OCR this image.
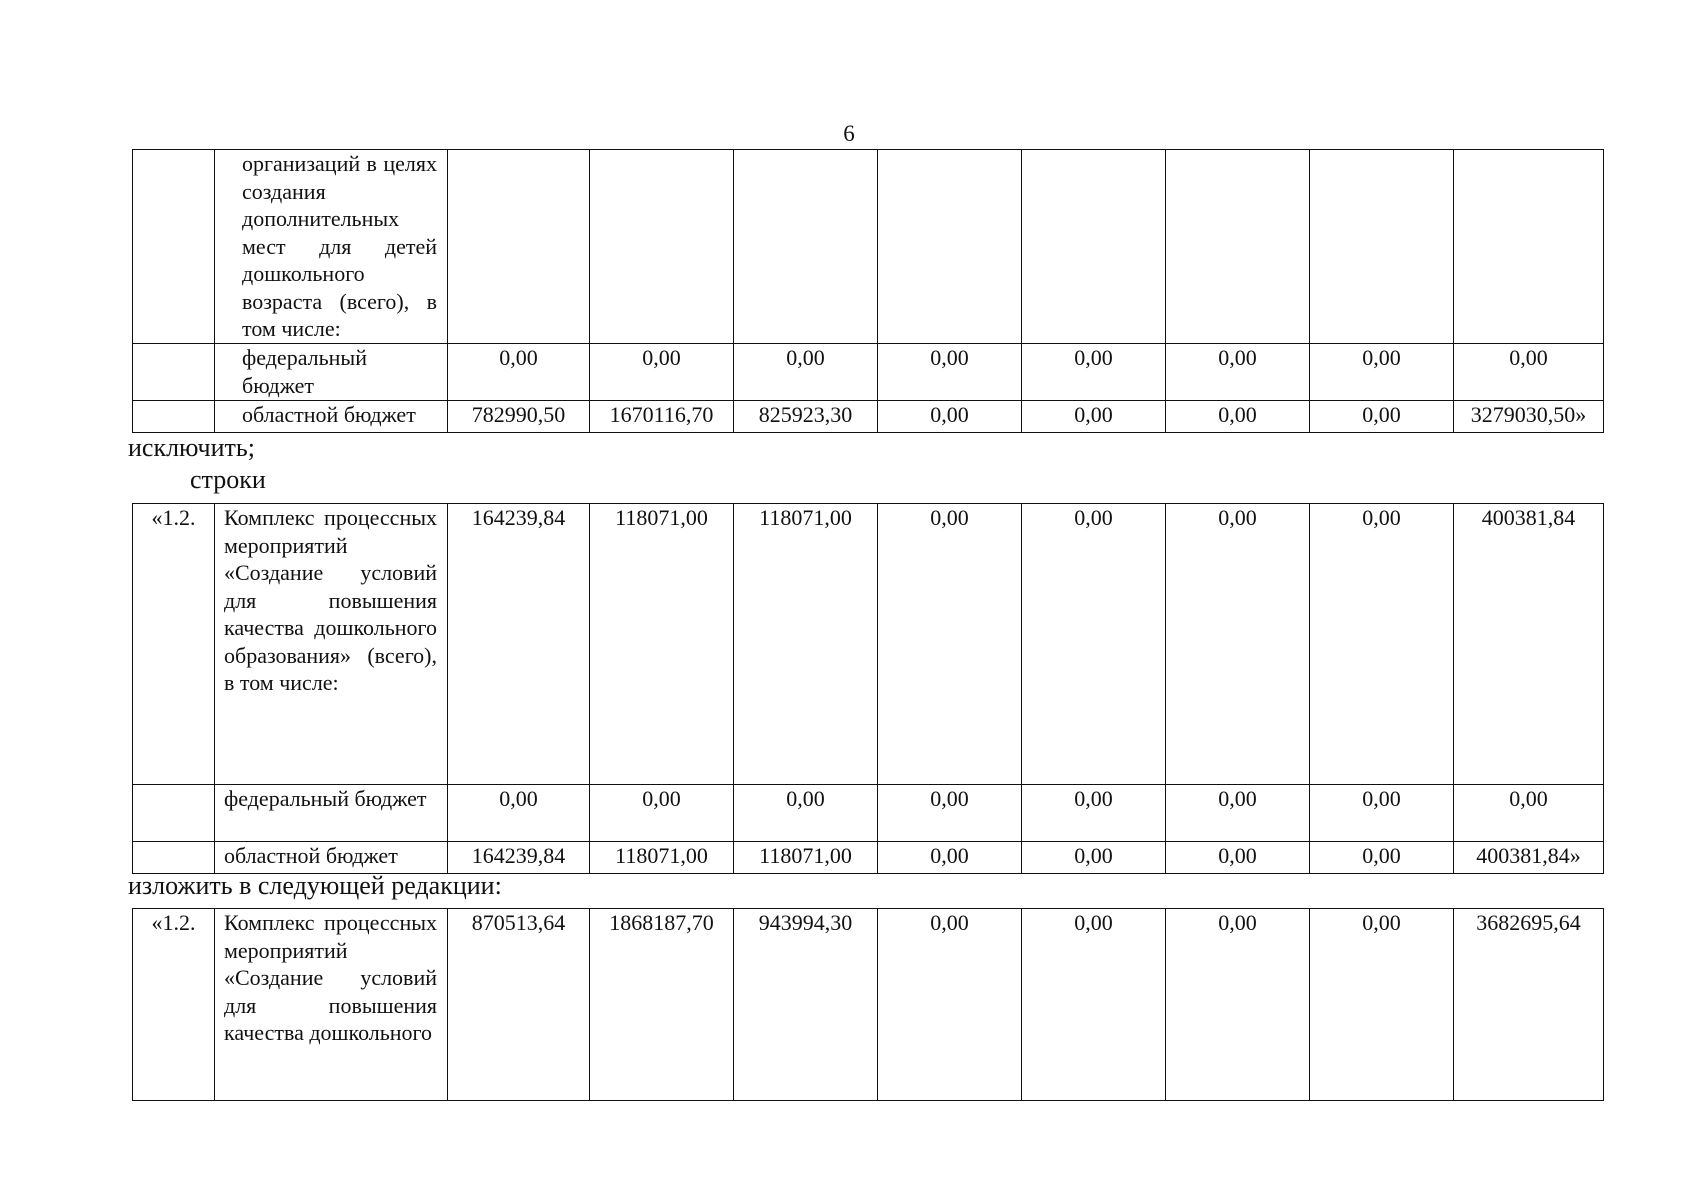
6
	организаций в целях создания дополнительных мест для детей дошкольного возраста (всего), в том числе:								
	федеральный бюджет	0,00	0,00	0,00	0,00	0,00	0,00	0,00	0,00
	областной бюджет	782990,50	1670116,70	825923,30	0,00	0,00	0,00	0,00	3279030,50»
исключить;
строки
«1.2.	Комплекс процессных мероприятий «Создание условий для повышения качества дошкольного образования» (всего), в том числе:	164239,84	118071,00	118071,00	0,00	0,00	0,00	0,00	400381,84
	федеральный бюджет	0,00	0,00	0,00	0,00	0,00	0,00	0,00	0,00
	областной бюджет	164239,84	118071,00	118071,00	0,00	0,00	0,00	0,00	400381,84»
изложить в следующей редакции:
«1.2.	Комплекс процессных мероприятий «Создание условий для повышения качества дошкольного	870513,64	1868187,70	943994,30	0,00	0,00	0,00	0,00	3682695,64
